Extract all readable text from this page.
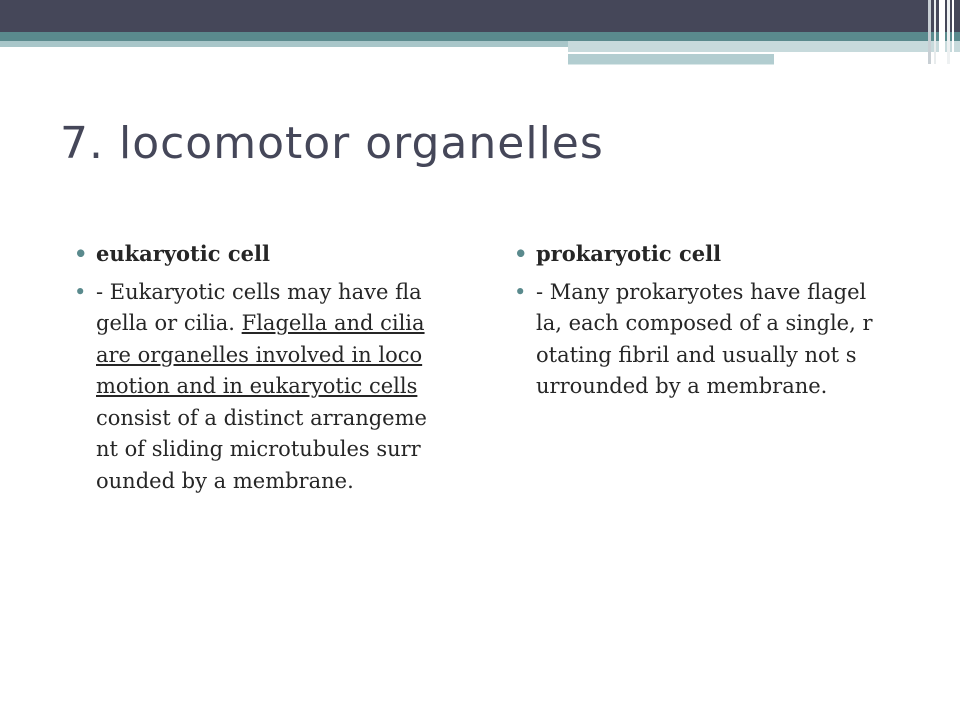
7. locomotor organelles
• eukaryotic cell
• - Eukaryotic cells may have fla
gella or cilia. Flagella and cilia
are organelles involved in loco
motion and in eukaryotic cells
consist of a distinct arrangeme
nt of sliding microtubules surr
ounded by a membrane.
• prokaryotic cell
• - Many prokaryotes have flagel
la, each composed of a single, r
otating fibril and usually not s
urrounded by a membrane.
